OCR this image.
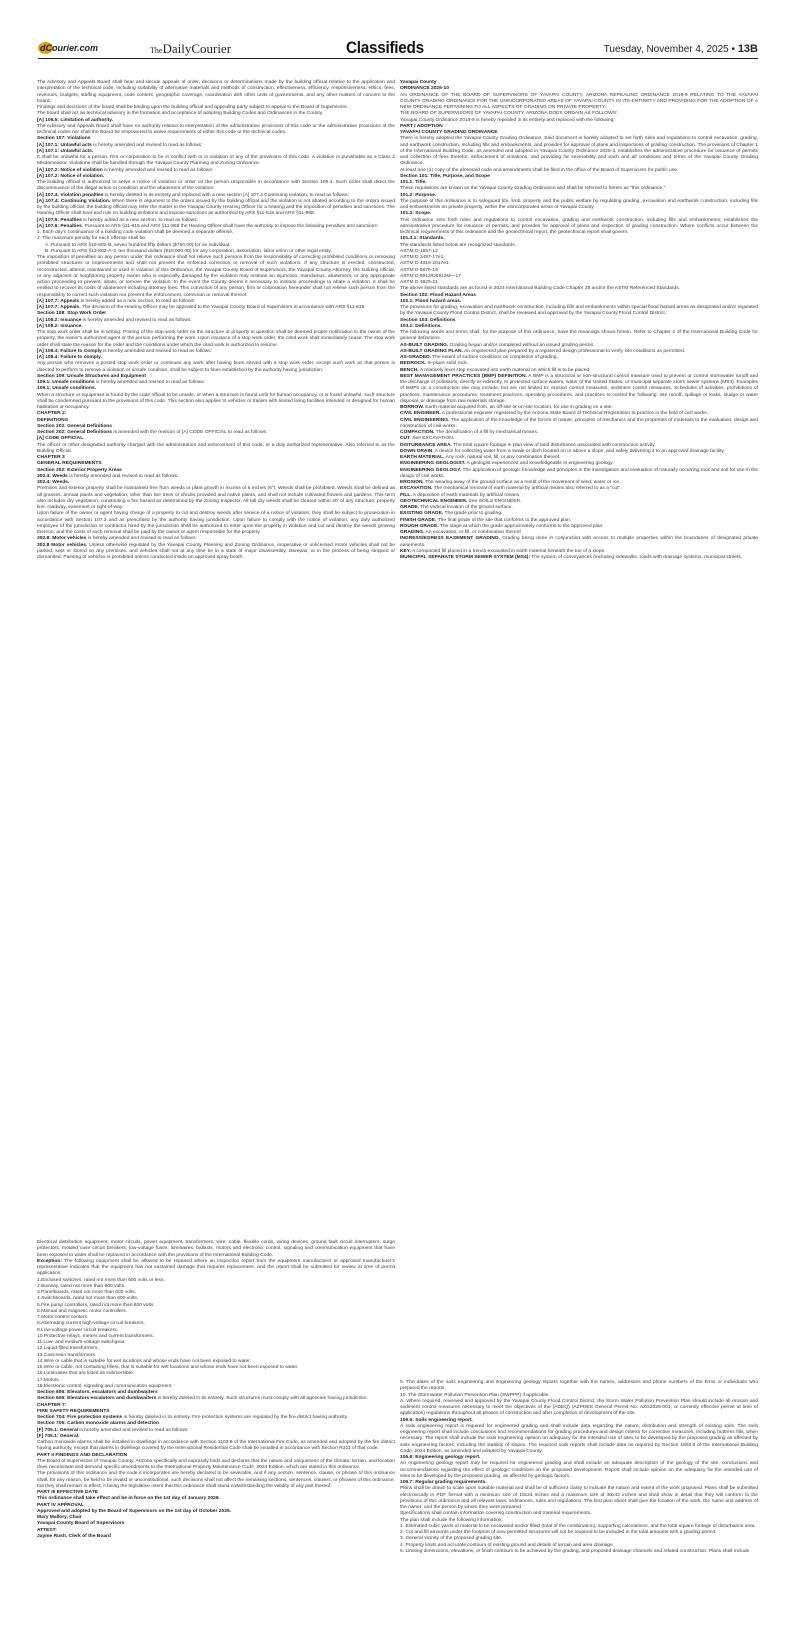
dCourier.com	TheDailyCourier	Classifieds	Tuesday, November 4, 2025 • 13B

The Advisory and Appeals Board shall hear and decide appeals of order, decisions or determinations made by the building official relative to the application and interpretation of the technical code, including suitability of alternative materials and methods of construction, effectiveness, efficiency, responsiveness, ethics, fees, revenues, budgets, staffing equipment, code content, geographic coverage, coordination with other units of governments, and any other matters of concern to the board.

Findings and decisions of the board shall be binding upon the building official and appealing party subject to appeal to the Board of Supervisors.

The board shall act as technical advisory in the formation and acceptance of adopting Building Codes and Ordinances in the County.

[A] 106.5: Limitation of authority.

The Advisory and Appeals Board shall have no authority relative to interpretation of the administrative provisions of this code or the administrative provisions of the technical codes nor shall the Board be empowered to waive requirements of either this code or the technical codes.

Section 107: Violations

[A] 107.1: Unlawful acts is hereby amended and revised to read as follows:

[A] 107.1: Unlawful acts.

It shall be unlawful for a person, firm or corporation to be in conflict with or in violation of any of the provisions of this code. A violation is punishable as a Class 2 Misdemeanor. Violations shall be handled through the Yavapai County Planning and Zoning Ordinance.

[A] 107.2: Notice of violation is hereby amended and revised to read as follows:

[A] 107.2: Notice of violation.

The building official is authorized to serve a notice of violation or order on the person responsible in accordance with Section 109.4. Such order shall direct the discontinuance of the illegal action or condition and the abatement of the violation.

[A] 107.4: Violation penalties is hereby deleted in its entirety and replaced with a new section [A] 107.4 Continuing violation, to read as follows:

[A] 107.4: Continuing Violation. When there is argument to the orders issued by the building official and the violation is not abated according to the orders issued by the building official, the building official may refer the matter to the Yavapai County Hearing Officer for a hearing and the imposition of penalties and sanctions. The Hearing Officer shall hear and rule on building violations and impose sanctions as authorized by ARS §11-815 and ARS §11-868.

[A] 107.6: Penalties is hereby added as a new section, to read as follows:

[A] 107.6: Penalties. Pursuant to ARS §11-815 and ARS §11-868 the Hearing Officer shall have the authority to impose the following penalties and sanctions:

1. Each day's continuance of a building code violation shall be deemed a separate offense.

2. The maximum penalty for each offense shall be:

A. Pursuant to ARS §13-802-B, seven hundred fifty dollars ($750.00) for an individual.

B. Pursuant to ARS §13-803-A-3, ten thousand dollars ($10,000.00) for any corporation, association, labor union or other legal entity.

The imposition of penalties on any person under this ordinance shall not relieve such persons from the responsibility of correcting prohibited conditions or removing prohibited structures or improvements and shall not prevent the enforced correction or removal of such violations. If any structure is erected, constructed, reconstructed, altered, maintained or used in violation of this Ordinance, the Yavapai County Board of Supervisors, the Yavapai County Attorney, the building official, or any adjacent or neighboring property owner who is especially damaged by the violation may institute an injunction, mandamus, abatement, or any appropriate action proceeding to prevent, abate, or remove the violation. In the event the County deems it necessary to institute proceedings to abate a violation, it shall be entitled to recover its costs of abatement including attorney fees. This conviction of any person, firm or corporation hereunder shall not relieve such person from the responsibility to correct such violation nor prevent the enforcement, correction or removal thereof.

[A] 107.7: Appeals is hereby added as a new section, to read as follows:

[A] 107.7: Appeals. The decision of the Hearing Officer may be appealed to the Yavapai County Board of Supervisors in accordance with ARS §11-815.

Section 108: Stop Work Order

[A] 108.2: Issuance is hereby amended and revised to read as follows:

[A] 108.2: Issuance.

The stop work order shall be in writing. Posting of the stop work order on the structure or property in question shall be deemed proper notification to the owner of the property, the owner's authorized agent or the person performing the work. Upon issuance of a stop work order, the cited work shall immediately cease. The stop work order shall state the reason for the order and the conditions under which the cited work is authorized to resume.

[A] 108.4: Failure to Comply is hereby amended and revised to read as follows:

[A] 108.4: Failure to comply.

Any person who removes a posted stop work order or continues any work after having been served with a stop work order, except such work as that person is directed to perform to remove a violation or unsafe condition, shall be subject to fines established by the authority having jurisdiction.

Section 109: Unsafe Structures and Equipment

109.1: Unsafe conditions is hereby amended and revised to read as follows:

109.1: Unsafe conditions.

When a structure or equipment is found by the code official to be unsafe, or when a structure is found unfit for human occupancy, or is found unlawful, such structure shall be condemned pursuant to the provisions of this code. This section also applies to vehicles or trailers with limited living facilities intended or designed for human habitation or occupancy.

CHAPTER 2:

DEFINITIONS

Section 202: General Definitions

Section 202: General Definitions is amended with the revision of [A] CODE OFFICIAL to read as follows:

[A] CODE OFFICIAL.

The officer or other designated authority charged with the administration and enforcement of this code, or a duly authorized representative. Also referred to as the Building Official.

CHAPTER 3

GENERAL REQUIREMENTS

Section 302: Exterior Property Areas

302.4: Weeds is hereby amended and revised to read as follows:

302.4: Weeds.

Premises and exterior property shall be maintained free from weeds or plant growth in excess of 6 inches (6"). Weeds shall be prohibited. Weeds shall be defined as all grasses, annual plants and vegetation, other than live trees or shrubs provided and native plants, and shall not include cultivated flowers and gardens. This term also includes dry vegetation, constituting a fire hazard as determined by the Zoning Inspector. All tall dry weeds shall be cleared within 30' of any structure, property line, roadway, easement or right-of-way.

Upon failure of the owner or agent having charge of a property to cut and destroy weeds after service of a notice of violation, they shall be subject to prosecution in accordance with Section 107.3 and as prescribed by the authority having jurisdiction. Upon failure to comply with the notice of violation, any duly authorized employee of the jurisdiction or contractor hired by the jurisdiction shall be authorized to enter upon the property in violation and cut and destroy the weeds growing thereon, and the costs of such removal shall be paid by the owner or agent responsible for the property.

302.8: Motor vehicles is hereby amended and revised to read as follows:

302.8 Motor vehicles. Unless otherwise regulated by the Yavapai County Planning and Zoning Ordinance, inoperative or unlicensed motor vehicles shall not be parked, kept or stored on any premises, and vehicles shall not at any time be in a state of major disassembly, disrepair, or in the process of being stripped or dismantled. Painting of vehicles is prohibited unless conducted inside an approved spray booth.

Electrical distribution equipment, motor circuits, power equipment, transformers, wire, cable, flexible cords, wiring devices, ground fault circuit interrupters, surge protectors, molded case circuit breakers, low-voltage fuses, luminaires, ballasts, motors and electronic control, signaling and communication equipment that have been exposed to water shall be replaced in accordance with the provisions of the International Building Code.

Exception: The following equipment shall be allowed to be repaired where an inspection report from the equipment manufacturer or approved manufacturer's representative indicates that the equipment has not sustained damage that requires replacement, and the report shall be submitted for review at time of permit application:

1.Enclosed switches, rated not more than 600 volts or less.

2.Busway, rated not more than 600 volts.

3.Panelboards, rated not more than 600 volts.

4.Switchboards, rated not more than 600 volts.

5.Fire pump controllers, rated not more than 600 volts.

6.Manual and magnetic motor controllers.

7.Motor control centers.

8.Alternating current high-voltage circuit breakers.

9.Low-voltage power circuit breakers.

10.Protective relays, meters and current transformers.

11.Low- and medium-voltage switchgear.

12.Liquid-filled transformers.

13.Cast-resin transformers.

14.Wire or cable that is suitable for wet locations and whose ends have not been exposed to water.

15.Wire or cable, not containing fillers, that is suitable for wet locations and whose ends have not been exposed to water.

16.Luminaires that are listed as submersible.

17.Motors.

18.Electronic control, signaling and communication equipment.

Section 606: Elevators, escalators and dumbwaiters

Section 606: Elevators escalators and dumbwaiters is hereby deleted in its entirety. Such structures must comply with all agencies having jurisdiction.

CHAPTER 7:

FIRE SAFETY REQUIREMENTS

Section 704: Fire protection systems is hereby deleted in its entirety. Fire protection systems are regulated by the fire district having authority.

Section 705: Carbon monoxide alarms and detection

[F] 705.1: General is hereby amended and revised to read as follows:

[F] 705.1: General.

Carbon monoxide alarms shall be installed in dwellings in accordance with Section 1103.9 of the International Fire Code, as amended and adopted by the fire district having authority, except that alarms in dwellings covered by the International Residential Code shall be installed in accordance with Section R311 of that code.

PART II FINDINGS AND DECLARATION

The Board of Supervisors of Yavapai County, Arizona specifically and expressly finds and declares that the nature and uniqueness of the climate, terrain, and location does necessitate and demand specific amendments to the International Property Maintenance Code, 2024 Edition, which are stated in this ordinance.

The provisions of this ordinance and the code it incorporates are hereby declared to be severable, and if any section, sentence, clause, or phrase of this ordinance shall, for any reason, be held to be invalid or unconstitutional, such decisions shall not affect the remaining sections, sentences, clauses, or phrases of this ordinance, but they shall remain in effect, it being the legislative intent that this ordinance shall stand notwithstanding the validity of any part thereof.

PART III EFFECTIVE DATE

This ordinance shall take effect and be in force on the 1st day of January 2026.

PART IV APPROVAL

Approved and adopted by the Board of Supervisors on the 1st day of October 2025.

Mary Mallory, Chair

Yavapai County Board of Supervisors

ATTEST:

Jayme Rush, Clerk of the Board

Yavapai County

ORDINANCE 2025-10

AN ORDINANCE OF THE BOARD OF SUPERVISORS OF YAVAPAI COUNTY, ARIZONA REPEALING ORDINANCE 2019-9 RELATING TO THE YAVAPAI COUNTY GRADING ORDINANCE FOR THE UNINCORPORATED AREAS OF YAVAPAI COUNTY IN ITS ENTIRETY AND PROVIDING FOR THE ADOPTION OF A NEW ORDINANCE PERTAINING TO ALL ASPECTS OF GRADING ON PRIVATE PROPERTY.

THE BOARD OF SUPERVISORS OF YAVAPAI COUNTY, ARIZONA DOES ORDAIN AS FOLLOWS:

Yavapai County Ordinance 2019-9 is hereby repealed in its entirety and replaced with the following:

PART I ADOPTION

YAVAPAI COUNTY GRADING ORDINANCE

There is hereby adopted the Yavapai County Grading Ordinance. Said document is hereby adopted to set forth rules and regulations to control excavation, grading, and earthwork construction, including fills and embankments, and provides for approval of plans and inspections of grading construction. The provisions of Chapter 1 of the International Building Code, as amended and adopted in Yavapai County Ordinance 2025-3, establishes the administrative procedure for issuance of permits and collection of fees therefor, enforcement of violations, and providing for severability and each and all conditions and terms of the Yavapai County Grading Ordinance.

At least one (1) copy of the aforesaid code and amendments shall be filed in the office of the Board of Supervisors for public use.

Section 101: Title, Purpose, and Scope

101.1: Title.

These regulations are known as the Yavapai County Grading Ordinance and shall be referred to herein as "this ordinance."

101.2: Purpose.

The purpose of this ordinance is to safeguard life, limb, property and the public welfare by regulating grading, excavation and earthwork construction, including fills and embankments on private property, within the unincorporated areas of Yavapai County.

101.3: Scope.

This ordinance sets forth rules and regulations to control excavation, grading and earthwork construction, including fills and embankments; establishes the administrative procedure for issuance of permits; and provides for approval of plans and inspection of grading construction. Where conflicts occur between the technical requirements of this ordinance and the geotechnical report, the geotechnical report shall govern.

101.3.1: Standards.

The standards listed below are recognized standards.

ASTM D 1557-12

ASTM D 2487-17e1

ASTM D 4318-2017e1

ASTM D 5876-19

ASTM D 6913/D6913M—17

ASTM D 4829-21

The above listed standards are as found in 2024 International Building Code Chapter 35 and/or the ASTM Referenced Standards.

Section 102: Flood Hazard Areas

102.1: Flood hazard areas.

The provisions for grading, excavation and earthwork construction, including fills and embankments within special flood hazard areas as designated and/or regulated by the Yavapai County Flood Control District, shall be reviewed and approved by the Yavapai County Flood Control District.

Section 103: Definitions

103.1: Definitions.

The following words and terms shall, for the purpose of this ordinance, have the meanings shown herein. Refer to Chapter 2 of the International Building Code for general definitions.

AS-BUILT GRADING. Grading begun and/or completed without an issued grading permit.

AS-BUILT GRADING PLAN. An engineered plan prepared by a registered design professional to verify site conditions as permitted.

AS-GRADED. The extent of surface conditions on completion of grading.

BEDROCK. In-place solid rock.

BENCH. A relatively level step excavated into earth material on which fill is to be placed.

BEST MANAGEMENT PRACTICES (BMP) DEFINITION. A BMP is a structural or non-structural control measure used to prevent or control stormwater runoff and the discharge of pollutants, directly or indirectly, to protected surface waters, water of the United States, or municipal separate storm sewer systems (MS4). Examples of BMPs on a construction site may include, but are not limited to: erosion control measures, sediment control measures, Schedules of activities, prohibitions of practices, maintenance procedures, treatment practices, operating procedures, and practices to control the following: site runoff, spillage or leaks, sludge or water disposal, or drainage from raw materials storage.

BORROW. Earth material acquired from, an off-site or on-site location, for use in grading on a site.

CIVIL ENGINEER. A professional engineer registered by the Arizona State Board of Technical Registration to practice in the field of civil works.

CIVIL ENGINEERING. The application of the knowledge of the forces of nature, principles of mechanics and the properties of materials to the evaluation, design and construction of civil works.

COMPACTION. The densification of a fill by mechanical means.

CUT. See EXCAVATION.

DISTURBANCE AREA. The total square footage in plan view of land disturbance associated with construction activity.

DOWN DRAIN. A device for collecting water from a swale or ditch located on or above a slope, and safely delivering it to an approved drainage facility.

EARTH MATERIAL. Any rock, natural soil, fill, or any combination thereof.

ENGINEERING GEOLOGIST. A geologist experienced and knowledgeable in engineering geology.

ENGINEERING GEOLOGY. The application of geologic knowledge and principles in the investigation and evaluation of naturally occurring rock and soil for use in the design of civil works.

EROSION. The wearing away of the ground surface as a result of the movement of wind, water or ice.

EXCAVATION. The mechanical removal of earth material by artificial means also referred to as a "cut".

FILL. A deposition of earth materials by artificial means.

GEOTECHNICAL ENGINEER. See SOILS ENGINEER.

GRADE. The vertical location of the ground surface.

EXISTING GRADE. The grade prior to grading.

FINISH GRADE. The final grade of the site that conforms to the approved plan.

ROUGH GRADE. The stage at which the grade approximately conforms to the approved plan.

GRADING. An excavation, or fill, or combination thereof.

INGRESS/EGRESS EASEMENT GRADING. Grading being done in conjunction with access to multiple properties within the boundaries of designated private easements.

KEY. A compacted fill placed in a trench excavated in earth material beneath the toe of a slope.

MUNICIPAL SEPARATE STORM SEWER SYSTEM (MS4): The system of conveyances (including sidewalks, roads with drainage systems, municipal streets,

9. The dates of the soils engineering and engineering geology reports together with the names, addresses and phone numbers of the firms or individuals who prepared the reports.

10. The Stormwater Pollution Prevention Plan (SWPPP) if applicable.

A. Where required, reviewed and approved by the Yavapai County Flood Control District, the Storm Water Pollution Prevention Plan should include all erosion and sediment control measures necessary to meet the objectives of the (ADEQ) (AZPDES General Permit No. AZG2025-001, or currently effective permit at time of application) regulations throughout all phases of construction and after completion of development of the site.

106.5: Soils engineering report.

A soils engineering report is required for engineered grading and shall include data regarding the nature, distribution and strength of existing soils. The soils engineering report shall include conclusions and recommendations for grading procedures and design criteria for corrective measures, including buttress fills, when necessary. The report shall include the soils engineering opinion on adequacy for the intended use of sites to be developed by the proposed grading as affected by soils engineering factors, including the stability of slopes. The required soils reports shall include data as required by Section 1803.6 of the International Building Code, 2024 Edition, as amended and adopted by Yavapai County.

106.6: Engineering geology report.

An engineering geology report may be required for engineered grading and shall include an adequate description of the geology of the site, conclusions and recommendations regarding the effect of geologic conditions on the proposed development. Report shall include opinion on the adequacy for the intended use of sites to be developed by the proposed grading, as affected by geologic factors.

106.7: Regular grading requirements.

Plans shall be drawn to scale upon suitable material and shall be of sufficient clarity to indicate the nature and extent of the work proposed. Plans shall be submitted electronically in PDF format with a minimum size of 18x24 inches and a maximum size of 30x42 inches and shall show in detail that they will conform to the provisions of this ordinance and all relevant laws, ordinances, rules and regulations. The first plan sheet shall give the location of the work, the name and address of the owner, and the person by whom they were prepared.

Specifications shall contain information covering construction and material requirements.

The plan shall include the following information:

1. Estimated cubic yards of material to be excavated and/or filled (total of the combination), supporting calculations, and the total square footage of disturbance area.

2. Cut and fill amounts under the footprint of new permitted structures will not be required to be included in the total amounts with a grading permit.

3. General vicinity of the proposed grading site.

4. Property limits and accurate contours of existing ground and details of terrain and area drainage.

5. Limiting dimensions, elevations, or finish contours to be achieved by the grading, and proposed drainage channels and related construction. Plans shall include
